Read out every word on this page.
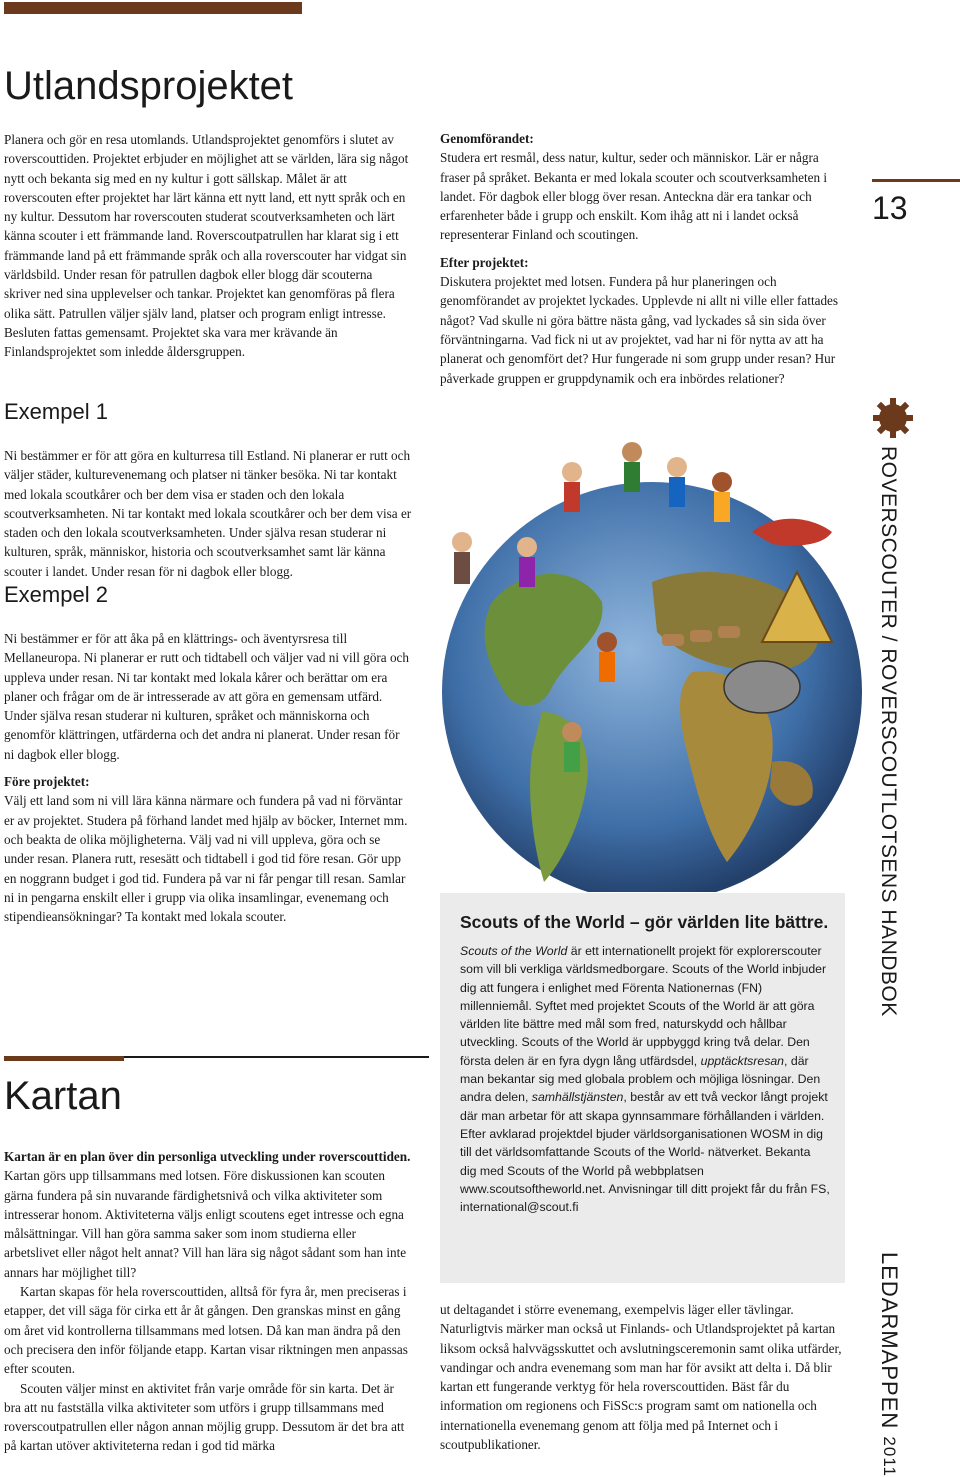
Utlandsprojektet

Planera och gör en resa utomlands. Utlandsprojektet genomförs i slutet av roverscouttiden. Projektet erbjuder en möjlighet att se världen, lära sig något nytt och bekanta sig med en ny kultur i gott sällskap. Målet är att roverscouten efter projektet har lärt känna ett nytt land, ett nytt språk och en ny kultur. Dessutom har roverscouten studerat scoutverksamheten och lärt känna scouter i ett främmande land. Roverscoutpatrullen har klarat sig i ett främmande land på ett främmande språk och alla roverscouter har vidgat sin världsbild. Under resan för patrullen dagbok eller blogg där scouterna skriver ned sina upplevelser och tankar. Projektet kan genomföras på flera olika sätt. Patrullen väljer själv land, platser och program enligt intresse. Besluten fattas gemensamt. Projektet ska vara mer krävande än Finlandsprojektet som inledde åldersgruppen.

Exempel 1

Ni bestämmer er för att göra en kulturresa till Estland. Ni planerar er rutt och väljer städer, kulturevenemang och platser ni tänker besöka. Ni tar kontakt med lokala scoutkårer och ber dem visa er staden och den lokala scoutverksamheten. Ni tar kontakt med lokala scoutkårer och ber dem visa er staden och den lokala scoutverksamheten. Under själva resan studerar ni kulturen, språk, människor, historia och scoutverksamhet samt lär känna scouter i landet. Under resan för ni dagbok eller blogg.

Exempel 2

Ni bestämmer er för att åka på en klättrings- och äventyrsresa till Mellaneuropa. Ni planerar er rutt och tidtabell och väljer vad ni vill göra och uppleva under resan. Ni tar kontakt med lokala kårer och berättar om era planer och frågar om de är intresserade av att göra en gemensam utfärd. Under själva resan studerar ni kulturen, språket och människorna och genomför klättringen, utfärderna och det andra ni planerat. Under resan för ni dagbok eller blogg.

Före projektet:

Välj ett land som ni vill lära känna närmare och fundera på vad ni förväntar er av projektet. Studera på förhand landet med hjälp av böcker, Internet mm. och beakta de olika möjligheterna. Välj vad ni vill uppleva, göra och se under resan. Planera rutt, resesätt och tidtabell i god tid före resan. Gör upp en noggrann budget i god tid. Fundera på var ni får pengar till resan. Samlar ni in pengarna enskilt eller i grupp via olika insamlingar, evenemang och stipendieansökningar? Ta kontakt med lokala scouter.

Kartan

Kartan är en plan över din personliga utveckling under roverscouttiden. Kartan görs upp tillsammans med lotsen. Före diskussionen kan scouten gärna fundera på sin nuvarande färdighetsnivå och vilka aktiviteter som intresserar honom. Aktiviteterna väljs enligt scoutens eget intresse och egna målsättningar. Vill han göra samma saker som inom studierna eller arbetslivet eller något helt annat? Vill han lära sig något sådant som han inte annars har möjlighet till?

Kartan skapas för hela roverscouttiden, alltså för fyra år, men preciseras i etapper, det vill säga för cirka ett år åt gången. Den granskas minst en gång om året vid kontrollerna tillsammans med lotsen. Då kan man ändra på den och precisera den inför följande etapp. Kartan visar riktningen men anpassas efter scouten.

Scouten väljer minst en aktivitet från varje område för sin karta. Det är bra att nu fastställa vilka aktiviteter som utförs i grupp tillsammans med roverscoutpatrullen eller någon annan möjlig grupp. Dessutom är det bra att på kartan utöver aktiviteterna redan i god tid märka

Genomförandet:

Studera ert resmål, dess natur, kultur, seder och människor. Lär er några fraser på språket. Bekanta er med lokala scouter och scoutverksamheten i landet. För dagbok eller blogg över resan. Anteckna där era tankar och erfarenheter både i grupp och enskilt. Kom ihåg att ni i landet också representerar Finland och scoutingen.

Efter projektet:

Diskutera projektet med lotsen. Fundera på hur planeringen och genomförandet av projektet lyckades. Upplevde ni allt ni ville eller fattades något? Vad skulle ni göra bättre nästa gång, vad lyckades så sin sida över förväntningarna. Vad fick ni ut av projektet, vad har ni för nytta av att ha planerat och genomfört det? Hur fungerade ni som grupp under resan? Hur påverkade gruppen er gruppdynamik och era inbördes relationer?

Scouts of the World – gör världen lite bättre.

Scouts of the World är ett internationellt projekt för explorerscouter som vill bli verkliga världsmedborgare. Scouts of the World inbjuder dig att fungera i enlighet med Förenta Nationernas (FN) millenniemål. Syftet med projektet Scouts of the World är att göra världen lite bättre med mål som fred, naturskydd och hållbar utveckling. Scouts of the World är uppbyggd kring två delar. Den första delen är en fyra dygn lång utfärdsdel, upptäcktsresan, där man bekantar sig med globala problem och möjliga lösningar. Den andra delen, samhällstjänsten, består av ett två veckor långt projekt där man arbetar för att skapa gynnsammare förhållanden i världen. Efter avklarad projektdel bjuder världsorganisationen WOSM in dig till det världsomfattande Scouts of the World- nätverket. Bekanta dig med Scouts of the World på webbplatsen www.scoutsoftheworld.net. Anvisningar till ditt projekt får du från FS, international@scout.fi

ut deltagandet i större evenemang, exempelvis läger eller tävlingar. Naturligtvis märker man också ut Finlands- och Utlandsprojektet på kartan liksom också halvvägsskuttet och avslutningsceremonin samt olika utfärder, vandingar och andra evenemang som man har för avsikt att delta i. Då blir kartan ett fungerande verktyg för hela roverscouttiden. Bäst får du information om regionens och FiSSc:s program samt om nationella och internationella evenemang genom att följa med på Internet och i scoutpublikationer.

13
ROVERSCOUTER / ROVERSCOUTLOTSENS HANDBOK
LEDARMAPPEN 2011
